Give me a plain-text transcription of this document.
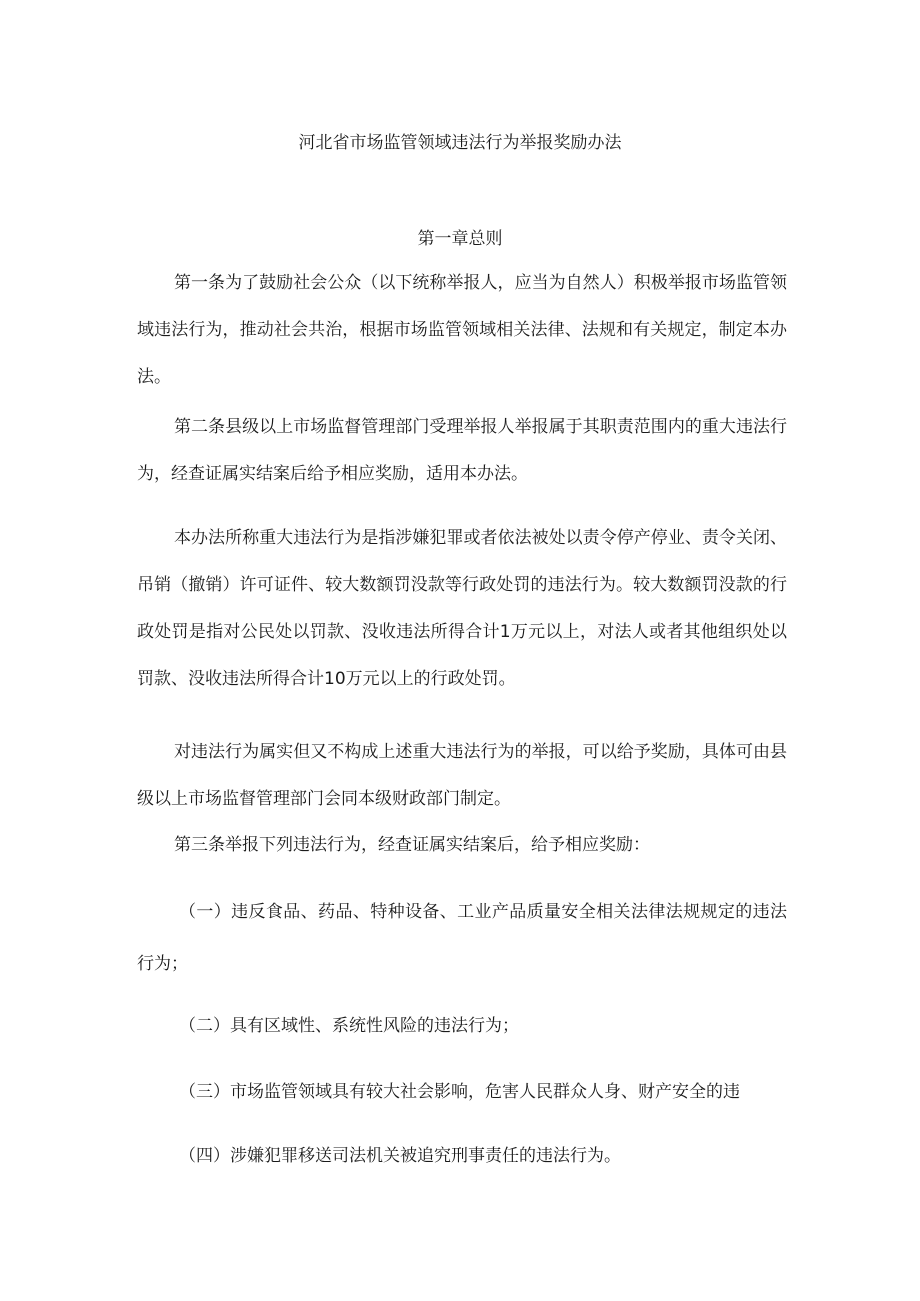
河北省市场监管领域违法行为举报奖励办法
第一章总则

第一条为了鼓励社会公众（以下统称举报人，应当为自然人）积极举报市场监管领域违法行为，推动社会共治，根据市场监管领域相关法律、法规和有关规定，制定本办法。

第二条县级以上市场监督管理部门受理举报人举报属于其职责范围内的重大违法行为，经查证属实结案后给予相应奖励，适用本办法。

本办法所称重大违法行为是指涉嫌犯罪或者依法被处以责令停产停业、责令关闭、吊销（撤销）许可证件、较大数额罚没款等行政处罚的违法行为。较大数额罚没款的行政处罚是指对公民处以罚款、没收违法所得合计1万元以上，对法人或者其他组织处以罚款、没收违法所得合计10万元以上的行政处罚。

对违法行为属实但又不构成上述重大违法行为的举报，可以给予奖励，具体可由县级以上市场监督管理部门会同本级财政部门制定。

第三条举报下列违法行为，经查证属实结案后，给予相应奖励：

（一）违反食品、药品、特种设备、工业产品质量安全相关法律法规规定的违法行为；

（二）具有区域性、系统性风险的违法行为；

（三）市场监管领域具有较大社会影响，危害人民群众人身、财产安全的违

（四）涉嫌犯罪移送司法机关被追究刑事责任的违法行为。
